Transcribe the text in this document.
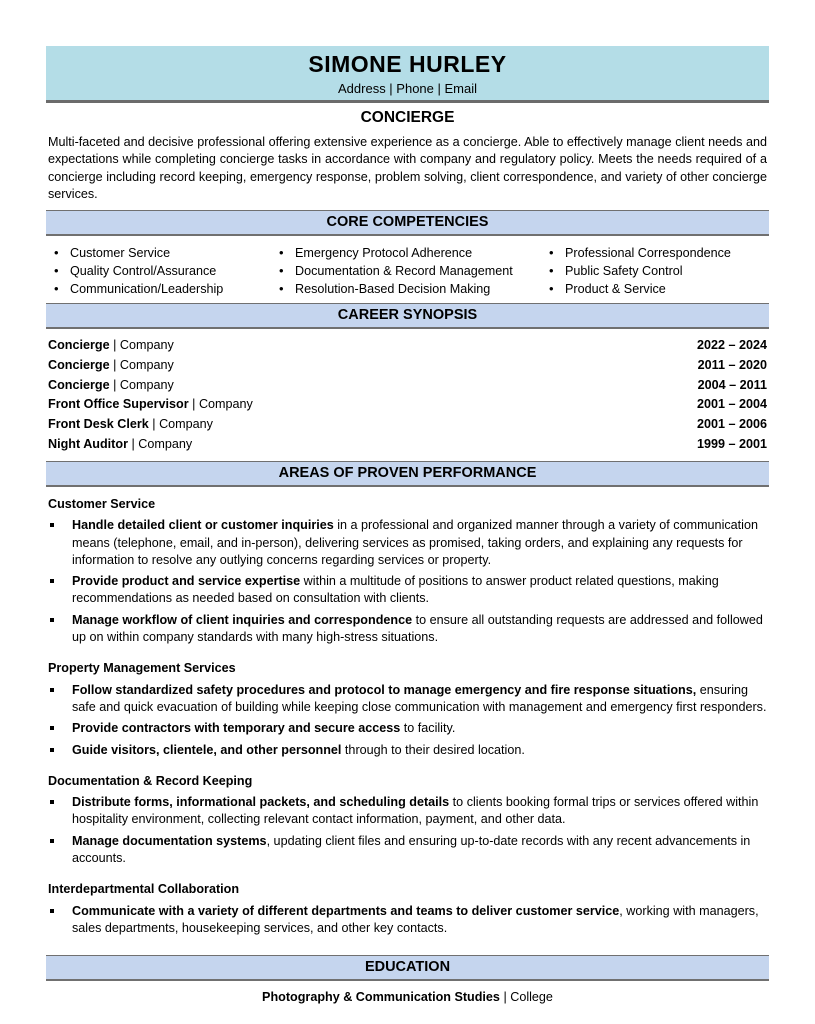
SIMONE HURLEY
Address | Phone | Email
CONCIERGE
Multi-faceted and decisive professional offering extensive experience as a concierge. Able to effectively manage client needs and expectations while completing concierge tasks in accordance with company and regulatory policy. Meets the needs required of a concierge including record keeping, emergency response, problem solving, client correspondence, and variety of other concierge services.
CORE COMPETENCIES
• Customer Service
• Quality Control/Assurance
• Communication/Leadership
• Emergency Protocol Adherence
• Documentation & Record Management
• Resolution-Based Decision Making
• Professional Correspondence
• Public Safety Control
• Product & Service
CAREER SYNOPSIS
Concierge | Company	2022 – 2024
Concierge | Company	2011 – 2020
Concierge | Company	2004 – 2011
Front Office Supervisor | Company	2001 – 2004
Front Desk Clerk | Company	2001 – 2006
Night Auditor | Company	1999 – 2001
AREAS OF PROVEN PERFORMANCE
Customer Service
Handle detailed client or customer inquiries in a professional and organized manner through a variety of communication means (telephone, email, and in-person), delivering services as promised, taking orders, and explaining any requests for information to resolve any outlying concerns regarding services or property.
Provide product and service expertise within a multitude of positions to answer product related questions, making recommendations as needed based on consultation with clients.
Manage workflow of client inquiries and correspondence to ensure all outstanding requests are addressed and followed up on within company standards with many high-stress situations.
Property Management Services
Follow standardized safety procedures and protocol to manage emergency and fire response situations, ensuring safe and quick evacuation of building while keeping close communication with management and emergency first responders.
Provide contractors with temporary and secure access to facility.
Guide visitors, clientele, and other personnel through to their desired location.
Documentation & Record Keeping
Distribute forms, informational packets, and scheduling details to clients booking formal trips or services offered within hospitality environment, collecting relevant contact information, payment, and other data.
Manage documentation systems, updating client files and ensuring up-to-date records with any recent advancements in accounts.
Interdepartmental Collaboration
Communicate with a variety of different departments and teams to deliver customer service, working with managers, sales departments, housekeeping services, and other key contacts.
EDUCATION
Photography & Communication Studies | College
